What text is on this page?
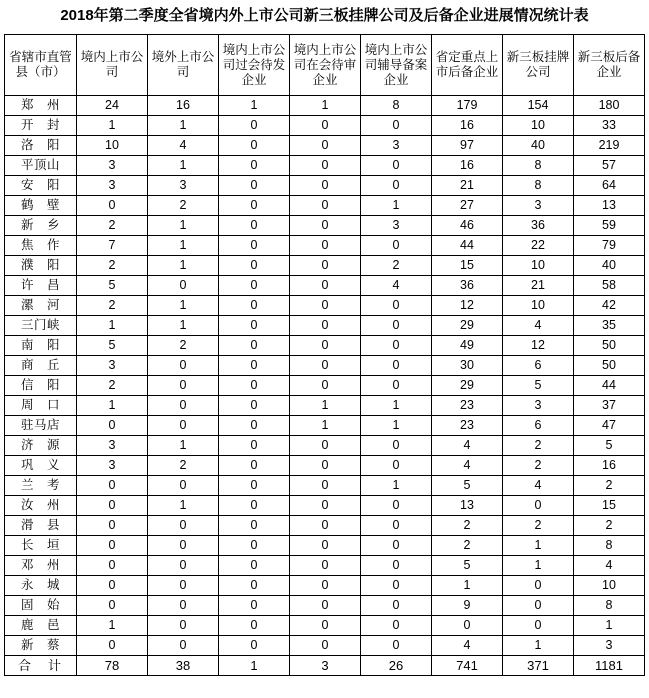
2018年第二季度全省境内外上市公司新三板挂牌公司及后备企业进展情况统计表
省辖市直管县（市）	境内上市公司	境外上市公司	境内上市公司过会待发企业	境内上市公司在会待审企业	境内上市公司辅导备案企业	省定重点上市后备企业	新三板挂牌公司	新三板后备企业

郑　州	24	16	1	1	8	179	154	180
开　封	1	1	0	0	0	16	10	33
洛　阳	10	4	0	0	3	97	40	219
平顶山	3	1	0	0	0	16	8	57
安　阳	3	3	0	0	0	21	8	64
鹤　壁	0	2	0	0	1	27	3	13
新　乡	2	1	0	0	3	46	36	59
焦　作	7	1	0	0	0	44	22	79
濮　阳	2	1	0	0	2	15	10	40
许　昌	5	0	0	0	4	36	21	58
漯　河	2	1	0	0	0	12	10	42
三门峡	1	1	0	0	0	29	4	35
南　阳	5	2	0	0	0	49	12	50
商　丘	3	0	0	0	0	30	6	50
信　阳	2	0	0	0	0	29	5	44
周　口	1	0	0	1	1	23	3	37
驻马店	0	0	0	1	1	23	6	47
济　源	3	1	0	0	0	4	2	5
巩　义	3	2	0	0	0	4	2	16
兰　考	0	0	0	0	1	5	4	2
汝　州	0	1	0	0	0	13	0	15
滑　县	0	0	0	0	0	2	2	2
长　垣	0	0	0	0	0	2	1	8
邓　州	0	0	0	0	0	5	1	4
永　城	0	0	0	0	0	1	0	10
固　始	0	0	0	0	0	9	0	8
鹿　邑	1	0	0	0	0	0	0	1
新　蔡	0	0	0	0	0	4	1	3
合　计	78	38	1	3	26	741	371	1181
